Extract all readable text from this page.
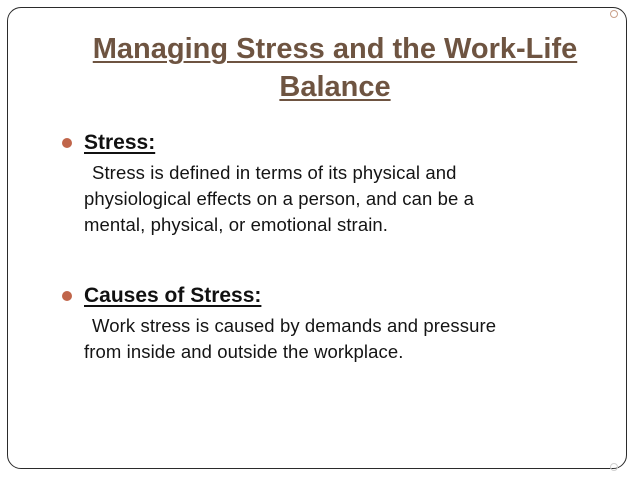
Managing Stress and the Work-Life Balance
Stress:
Stress is defined in terms of its physical and
physiological effects on a person, and can be a
mental, physical, or emotional strain.
Causes of Stress:
Work stress is caused by demands and pressure
from inside and outside the workplace.
